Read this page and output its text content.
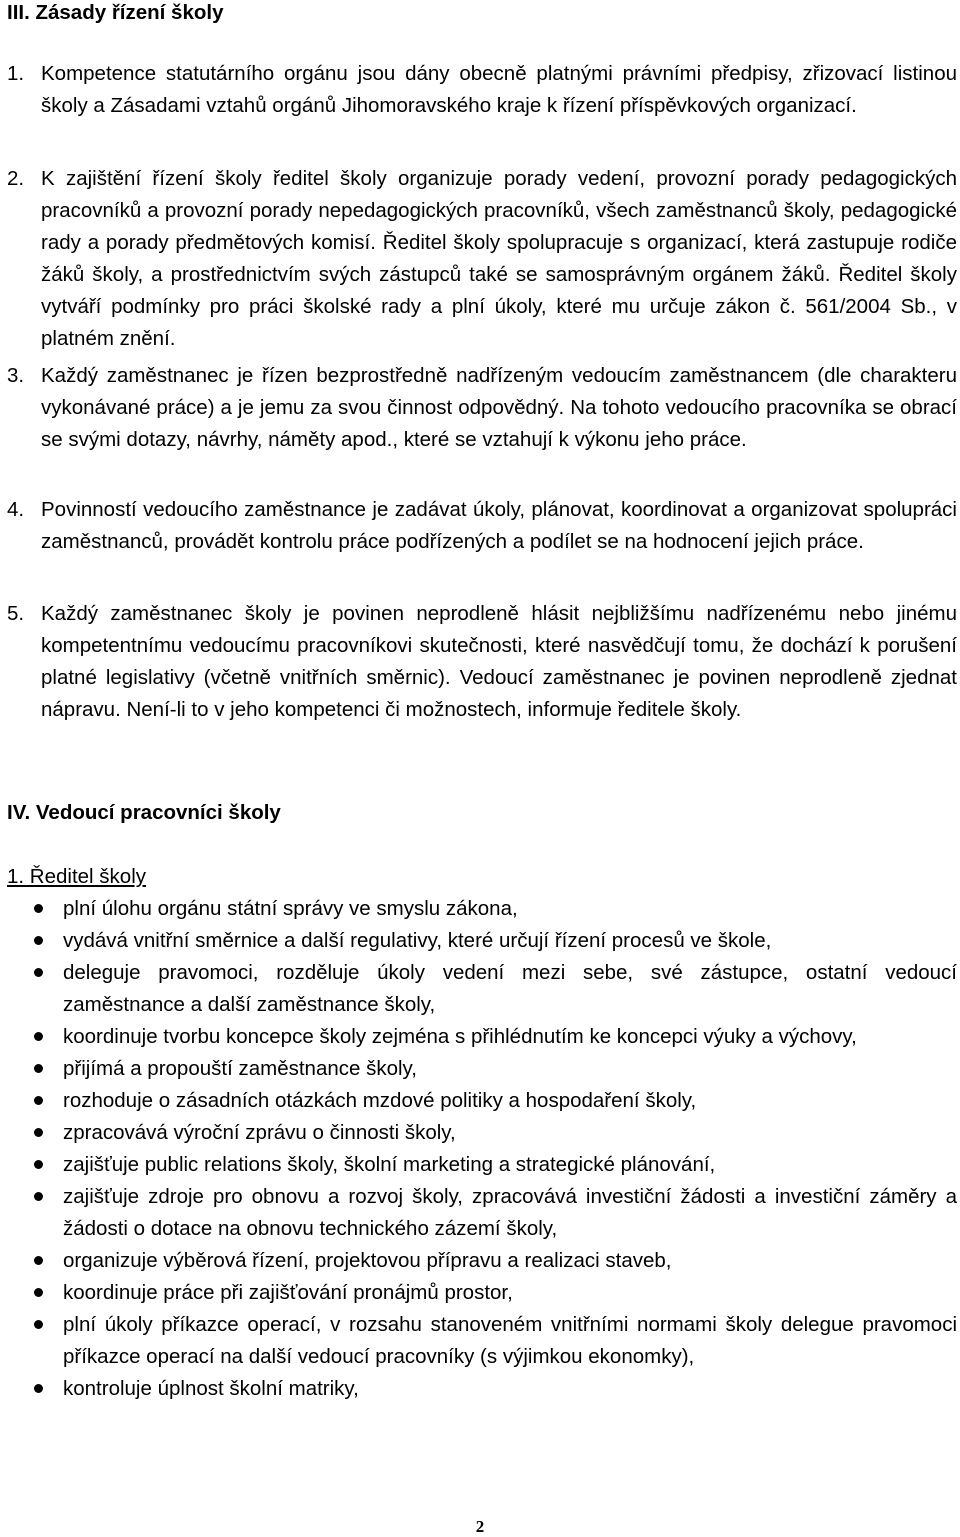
III. Zásady řízení školy
1. Kompetence statutárního orgánu jsou dány obecně platnými právními předpisy, zřizovací listinou školy a Zásadami vztahů orgánů Jihomoravského kraje k řízení příspěvkových organizací.
2. K zajištění řízení školy ředitel školy organizuje porady vedení, provozní porady pedagogických pracovníků a provozní porady nepedagogických pracovníků, všech zaměstnanců školy, pedagogické rady a porady předmětových komisí. Ředitel školy spolupracuje s organizací, která zastupuje rodiče žáků školy, a prostřednictvím svých zástupců také se samosprávným orgánem žáků. Ředitel školy vytváří podmínky pro práci školské rady a plní úkoly, které mu určuje zákon č. 561/2004 Sb., v platném znění.
3. Každý zaměstnanec je řízen bezprostředně nadřízeným vedoucím zaměstnancem (dle charakteru vykonávané práce) a je jemu za svou činnost odpovědný. Na tohoto vedoucího pracovníka se obrací se svými dotazy, návrhy, náměty apod., které se vztahují k výkonu jeho práce.
4. Povinností vedoucího zaměstnance je zadávat úkoly, plánovat, koordinovat a organizovat spolupráci zaměstnanců, provádět kontrolu práce podřízených a podílet se na hodnocení jejich práce.
5. Každý zaměstnanec školy je povinen neprodleně hlásit nejbližšímu nadřízenému nebo jinému kompetentnímu vedoucímu pracovníkovi skutečnosti, které nasvědčují tomu, že dochází k porušení platné legislativy (včetně vnitřních směrnic). Vedoucí zaměstnanec je povinen neprodleně zjednat nápravu. Není-li to v jeho kompetenci či možnostech, informuje ředitele školy.
IV. Vedoucí pracovníci školy
1. Ředitel školy
plní úlohu orgánu státní správy ve smyslu zákona,
vydává vnitřní směrnice a další regulativy, které určují řízení procesů ve škole,
deleguje pravomoci, rozděluje úkoly vedení mezi sebe, své zástupce, ostatní vedoucí zaměstnance a další zaměstnance školy,
koordinuje tvorbu koncepce školy zejména s přihlédnutím ke koncepci výuky a výchovy,
přijímá a propouští zaměstnance školy,
rozhoduje o zásadních otázkách mzdové politiky a hospodaření školy,
zpracovává výroční zprávu o činnosti školy,
zajišťuje public relations školy, školní marketing a strategické plánování,
zajišťuje zdroje pro obnovu a rozvoj školy, zpracovává investiční žádosti a investiční záměry a žádosti o dotace na obnovu technického zázemí školy,
organizuje výběrová řízení, projektovou přípravu a realizaci staveb,
koordinuje práce při zajišťování pronájmů prostor,
plní úkoly příkazce operací, v rozsahu stanoveném vnitřními normami školy delegue pravomoci příkazce operací na další vedoucí pracovníky (s výjimkou ekonomky),
kontroluje úplnost školní matriky,
2
